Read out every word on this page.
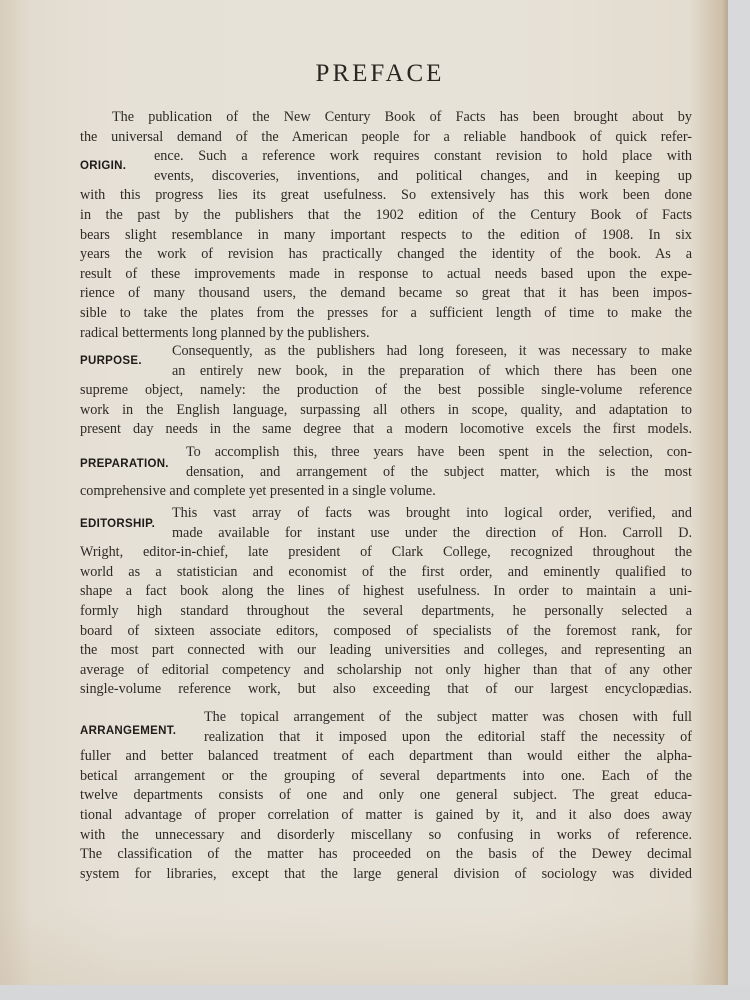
PREFACE
ORIGIN.
The publication of the New Century Book of Facts has been brought about by
the universal demand of the American people for a reliable handbook of quick refer-
ence. Such a reference work requires constant revision to hold place with
events, discoveries, inventions, and political changes, and in keeping up
with this progress lies its great usefulness. So extensively has this work been done
in the past by the publishers that the 1902 edition of the Century Book of Facts
bears slight resemblance in many important respects to the edition of 1908. In six
years the work of revision has practically changed the identity of the book. As a
result of these improvements made in response to actual needs based upon the expe-
rience of many thousand users, the demand became so great that it has been impos-
sible to take the plates from the presses for a sufficient length of time to make the
radical betterments long planned by the publishers.
PURPOSE.
Consequently, as the publishers had long foreseen, it was necessary to make
an entirely new book, in the preparation of which there has been one
supreme object, namely: the production of the best possible single-volume reference
work in the English language, surpassing all others in scope, quality, and adaptation to
present day needs in the same degree that a modern locomotive excels the first models.
PREPARATION.
To accomplish this, three years have been spent in the selection, con-
densation, and arrangement of the subject matter, which is the most
comprehensive and complete yet presented in a single volume.
EDITORSHIP.
This vast array of facts was brought into logical order, verified, and
made available for instant use under the direction of Hon. Carroll D.
Wright, editor-in-chief, late president of Clark College, recognized throughout the
world as a statistician and economist of the first order, and eminently qualified to
shape a fact book along the lines of highest usefulness. In order to maintain a uni-
formly high standard throughout the several departments, he personally selected a
board of sixteen associate editors, composed of specialists of the foremost rank, for
the most part connected with our leading universities and colleges, and representing an
average of editorial competency and scholarship not only higher than that of any other
single-volume reference work, but also exceeding that of our largest encyclopædias.
ARRANGEMENT.
The topical arrangement of the subject matter was chosen with full
realization that it imposed upon the editorial staff the necessity of
fuller and better balanced treatment of each department than would either the alpha-
betical arrangement or the grouping of several departments into one. Each of the
twelve departments consists of one and only one general subject. The great educa-
tional advantage of proper correlation of matter is gained by it, and it also does away
with the unnecessary and disorderly miscellany so confusing in works of reference.
The classification of the matter has proceeded on the basis of the Dewey decimal
system for libraries, except that the large general division of sociology was divided
